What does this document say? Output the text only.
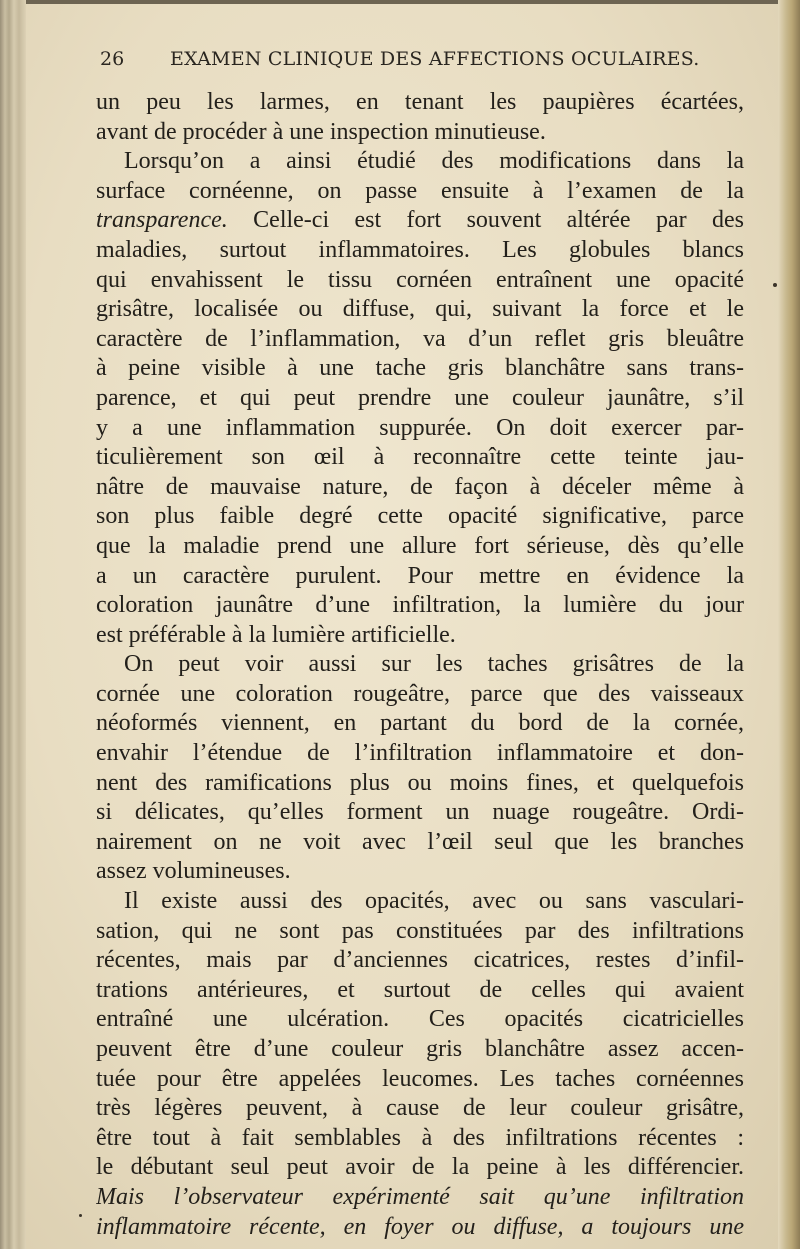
26 EXAMEN CLINIQUE DES AFFECTIONS OCULAIRES.
un peu les larmes, en tenant les paupières écartées,
avant de procéder à une inspection minutieuse.
Lorsqu’on a ainsi étudié des modifications dans la
surface cornéenne, on passe ensuite à l’examen de la
transparence. Celle-ci est fort souvent altérée par des
maladies, surtout inflammatoires. Les globules blancs
qui envahissent le tissu cornéen entraînent une opacité
grisâtre, localisée ou diffuse, qui, suivant la force et le
caractère de l’inflammation, va d’un reflet gris bleuâtre
à peine visible à une tache gris blanchâtre sans trans-
parence, et qui peut prendre une couleur jaunâtre, s’il
y a une inflammation suppurée. On doit exercer par-
ticulièrement son œil à reconnaître cette teinte jau-
nâtre de mauvaise nature, de façon à déceler même à
son plus faible degré cette opacité significative, parce
que la maladie prend une allure fort sérieuse, dès qu’elle
a un caractère purulent. Pour mettre en évidence la
coloration jaunâtre d’une infiltration, la lumière du jour
est préférable à la lumière artificielle.
On peut voir aussi sur les taches grisâtres de la
cornée une coloration rougeâtre, parce que des vaisseaux
néoformés viennent, en partant du bord de la cornée,
envahir l’étendue de l’infiltration inflammatoire et don-
nent des ramifications plus ou moins fines, et quelquefois
si délicates, qu’elles forment un nuage rougeâtre. Ordi-
nairement on ne voit avec l’œil seul que les branches
assez volumineuses.
Il existe aussi des opacités, avec ou sans vasculari-
sation, qui ne sont pas constituées par des infiltrations
récentes, mais par d’anciennes cicatrices, restes d’infil-
trations antérieures, et surtout de celles qui avaient
entraîné une ulcération. Ces opacités cicatricielles
peuvent être d’une couleur gris blanchâtre assez accen-
tuée pour être appelées leucomes. Les taches cornéennes
très légères peuvent, à cause de leur couleur grisâtre,
être tout à fait semblables à des infiltrations récentes :
le débutant seul peut avoir de la peine à les différencier.
Mais l’observateur expérimenté sait qu’une infiltration
inflammatoire récente, en foyer ou diffuse, a toujours une
